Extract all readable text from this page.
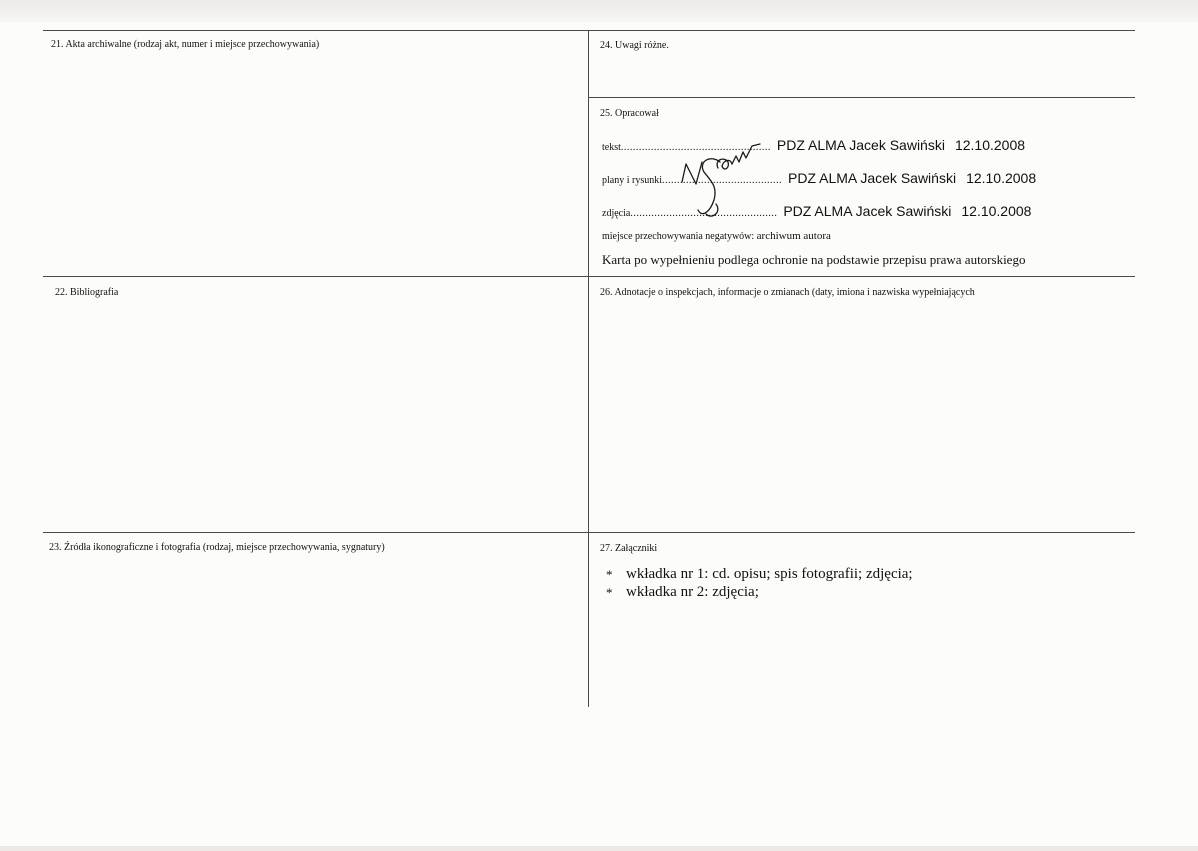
21. Akta archiwalne (rodzaj akt, numer i miejsce przechowywania)
22. Bibliografia
23. Źródła ikonograficzne i fotografia (rodzaj, miejsce przechowywania, sygnatury)
24. Uwagi różne.
25. Opracował
26. Adnotacje o inspekcjach, informacje o zmianach (daty, imiona i nazwiska wypełniających
27. Załączniki
tekst .................................................. PDZ ALMA Jacek Sawiński 12.10.2008
plany i rysunki ........................................ PDZ ALMA Jacek Sawiński 12.10.2008
zdjęcia ................................................. PDZ ALMA Jacek Sawiński 12.10.2008
miejsce przechowywania negatywów: archiwum autora
Karta po wypełnieniu podlega ochronie na podstawie przepisu prawa autorskiego
* wkładka nr 1: cd. opisu; spis fotografii; zdjęcia;
* wkładka nr 2: zdjęcia;
